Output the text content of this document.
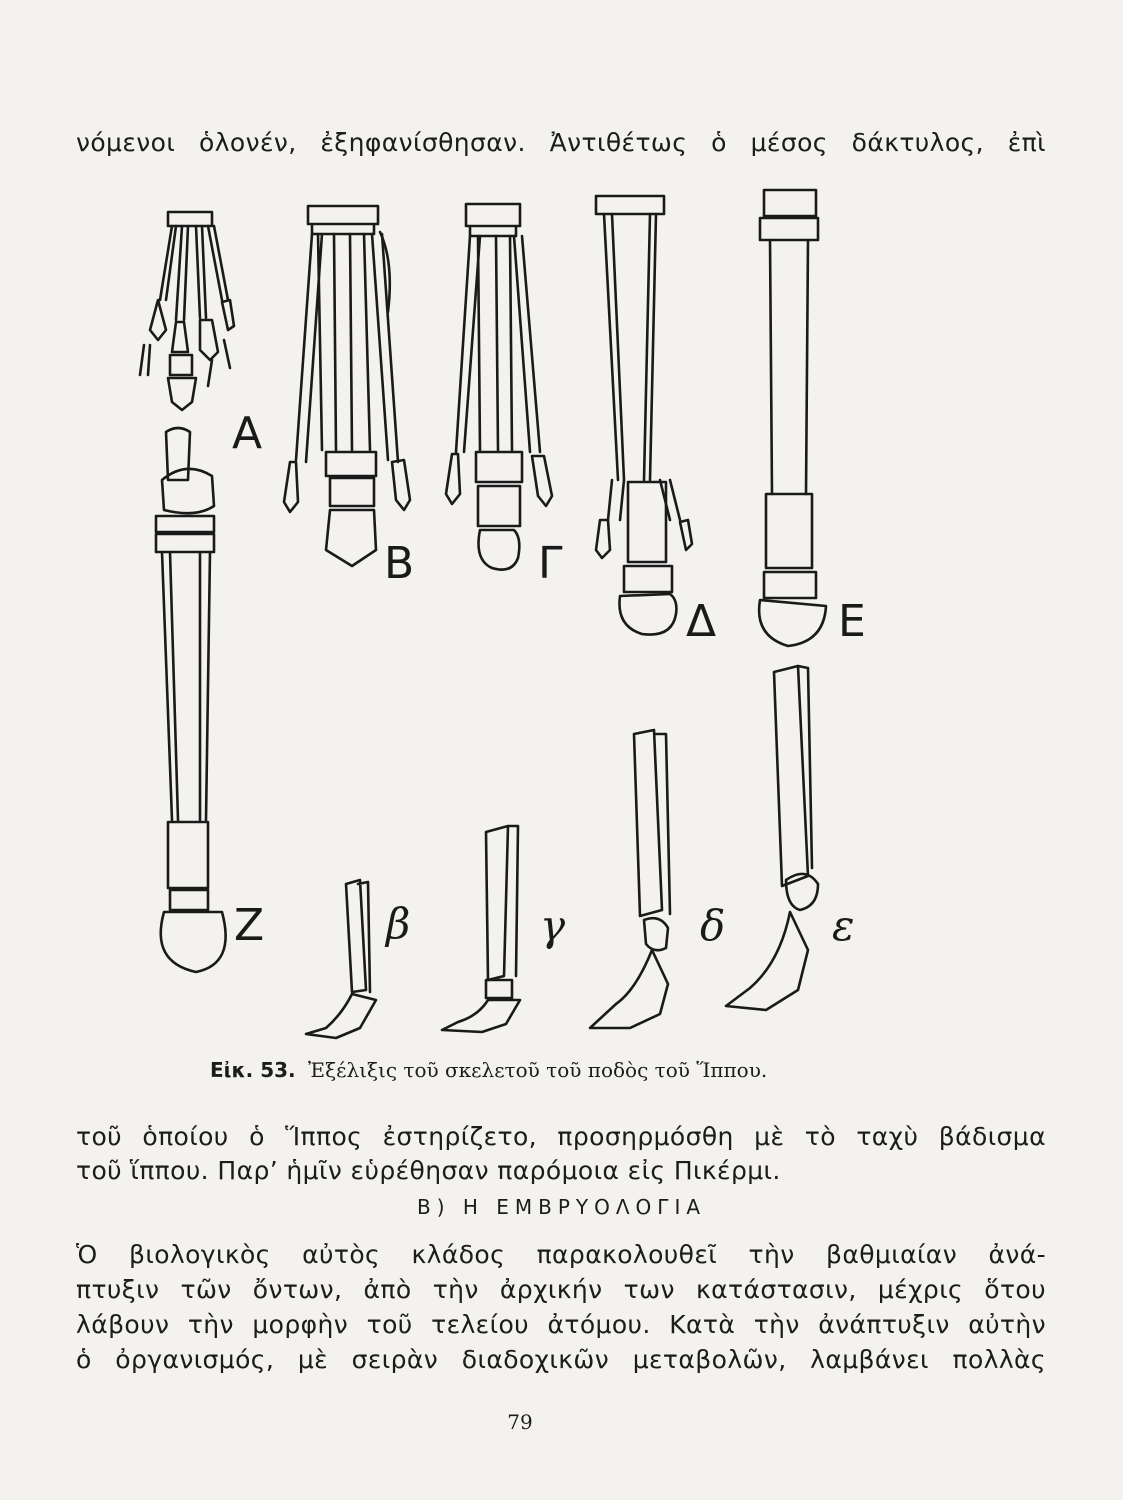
νόμενοι ὁλονέν, ἐξηφανίσθησαν. Ἀντιθέτως ὁ μέσος δάκτυλος, ἐπὶ
Α
Β	Γ
Δ	Ε
Ζ	β	γ	δ	ε
Εἰκ. 53. Ἐξέλιξις τοῦ σκελετοῦ τοῦ ποδὸς τοῦ Ἵππου.
τοῦ ὁποίου ὁ Ἵππος ἐστηρίζετο, προσηρμόσθη μὲ τὸ ταχὺ βάδισμα
τοῦ ἵππου. Παρ’ ἡμῖν εὑρέθησαν παρόμοια εἰς Πικέρμι.
Β) Η ΕΜΒΡΥΟΛΟΓΙΑ
Ὁ βιολογικὸς αὐτὸς κλάδος παρακολουθεῖ τὴν βαθμιαίαν ἀνά-
πτυξιν τῶν ὄντων, ἀπὸ τὴν ἀρχικήν των κατάστασιν, μέχρις ὅτου
λάβουν τὴν μορφὴν τοῦ τελείου ἀτόμου. Κατὰ τὴν ἀνάπτυξιν αὐτὴν
ὁ ὀργανισμός, μὲ σειρὰν διαδοχικῶν μεταβολῶν, λαμβάνει πολλὰς
79
